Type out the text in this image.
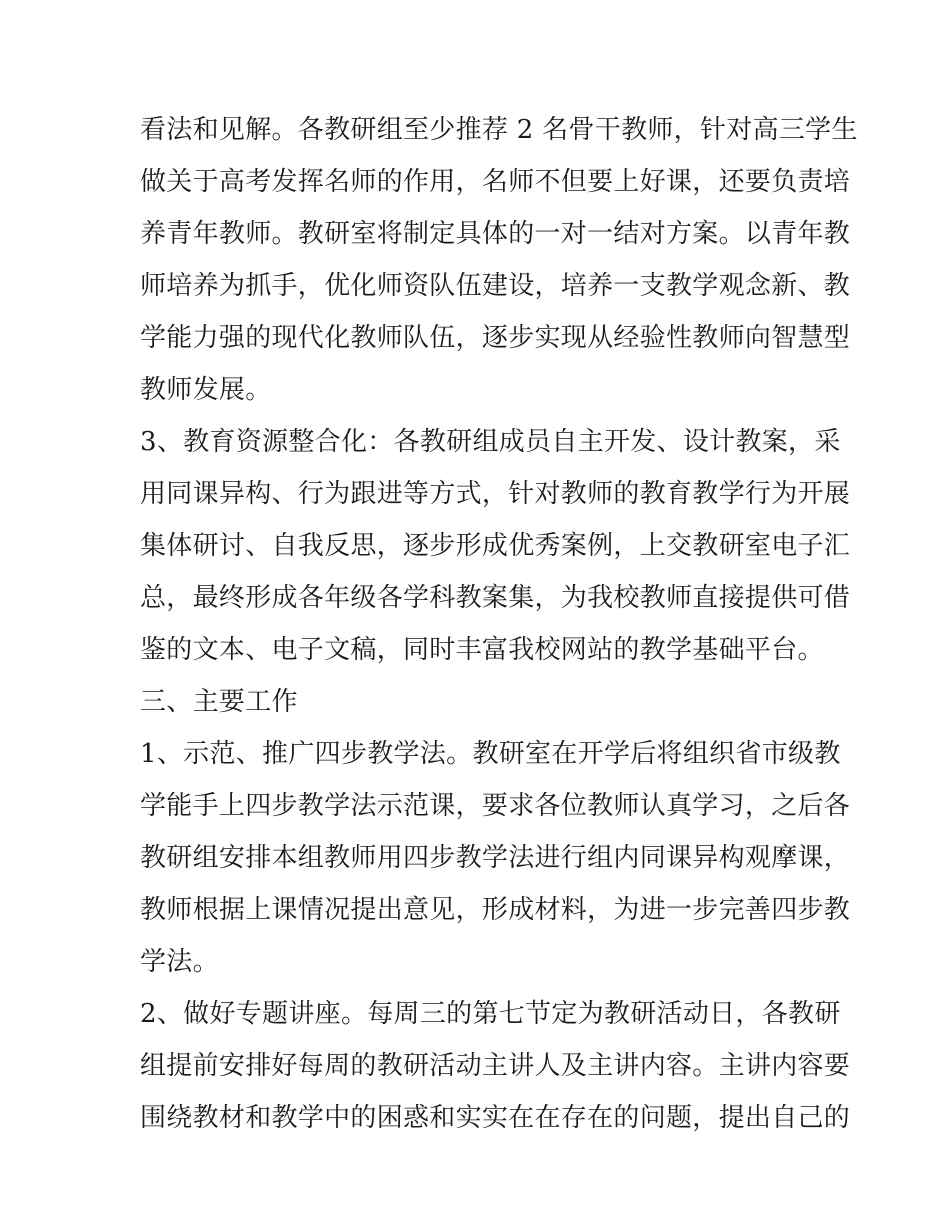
看法和见解。各教研组至少推荐 2 名骨干教师，针对高三学生
做关于高考发挥名师的作用，名师不但要上好课，还要负责培
养青年教师。教研室将制定具体的一对一结对方案。以青年教
师培养为抓手，优化师资队伍建设，培养一支教学观念新、教
学能力强的现代化教师队伍，逐步实现从经验性教师向智慧型
教师发展。
3、教育资源整合化：各教研组成员自主开发、设计教案，采
用同课异构、行为跟进等方式，针对教师的教育教学行为开展
集体研讨、自我反思，逐步形成优秀案例，上交教研室电子汇
总，最终形成各年级各学科教案集，为我校教师直接提供可借
鉴的文本、电子文稿，同时丰富我校网站的教学基础平台。
三、主要工作
1、示范、推广四步教学法。教研室在开学后将组织省市级教
学能手上四步教学法示范课，要求各位教师认真学习，之后各
教研组安排本组教师用四步教学法进行组内同课异构观摩课，
教师根据上课情况提出意见，形成材料，为进一步完善四步教
学法。
2、做好专题讲座。每周三的第七节定为教研活动日，各教研
组提前安排好每周的教研活动主讲人及主讲内容。主讲内容要
围绕教材和教学中的困惑和实实在在存在的问题，提出自己的
